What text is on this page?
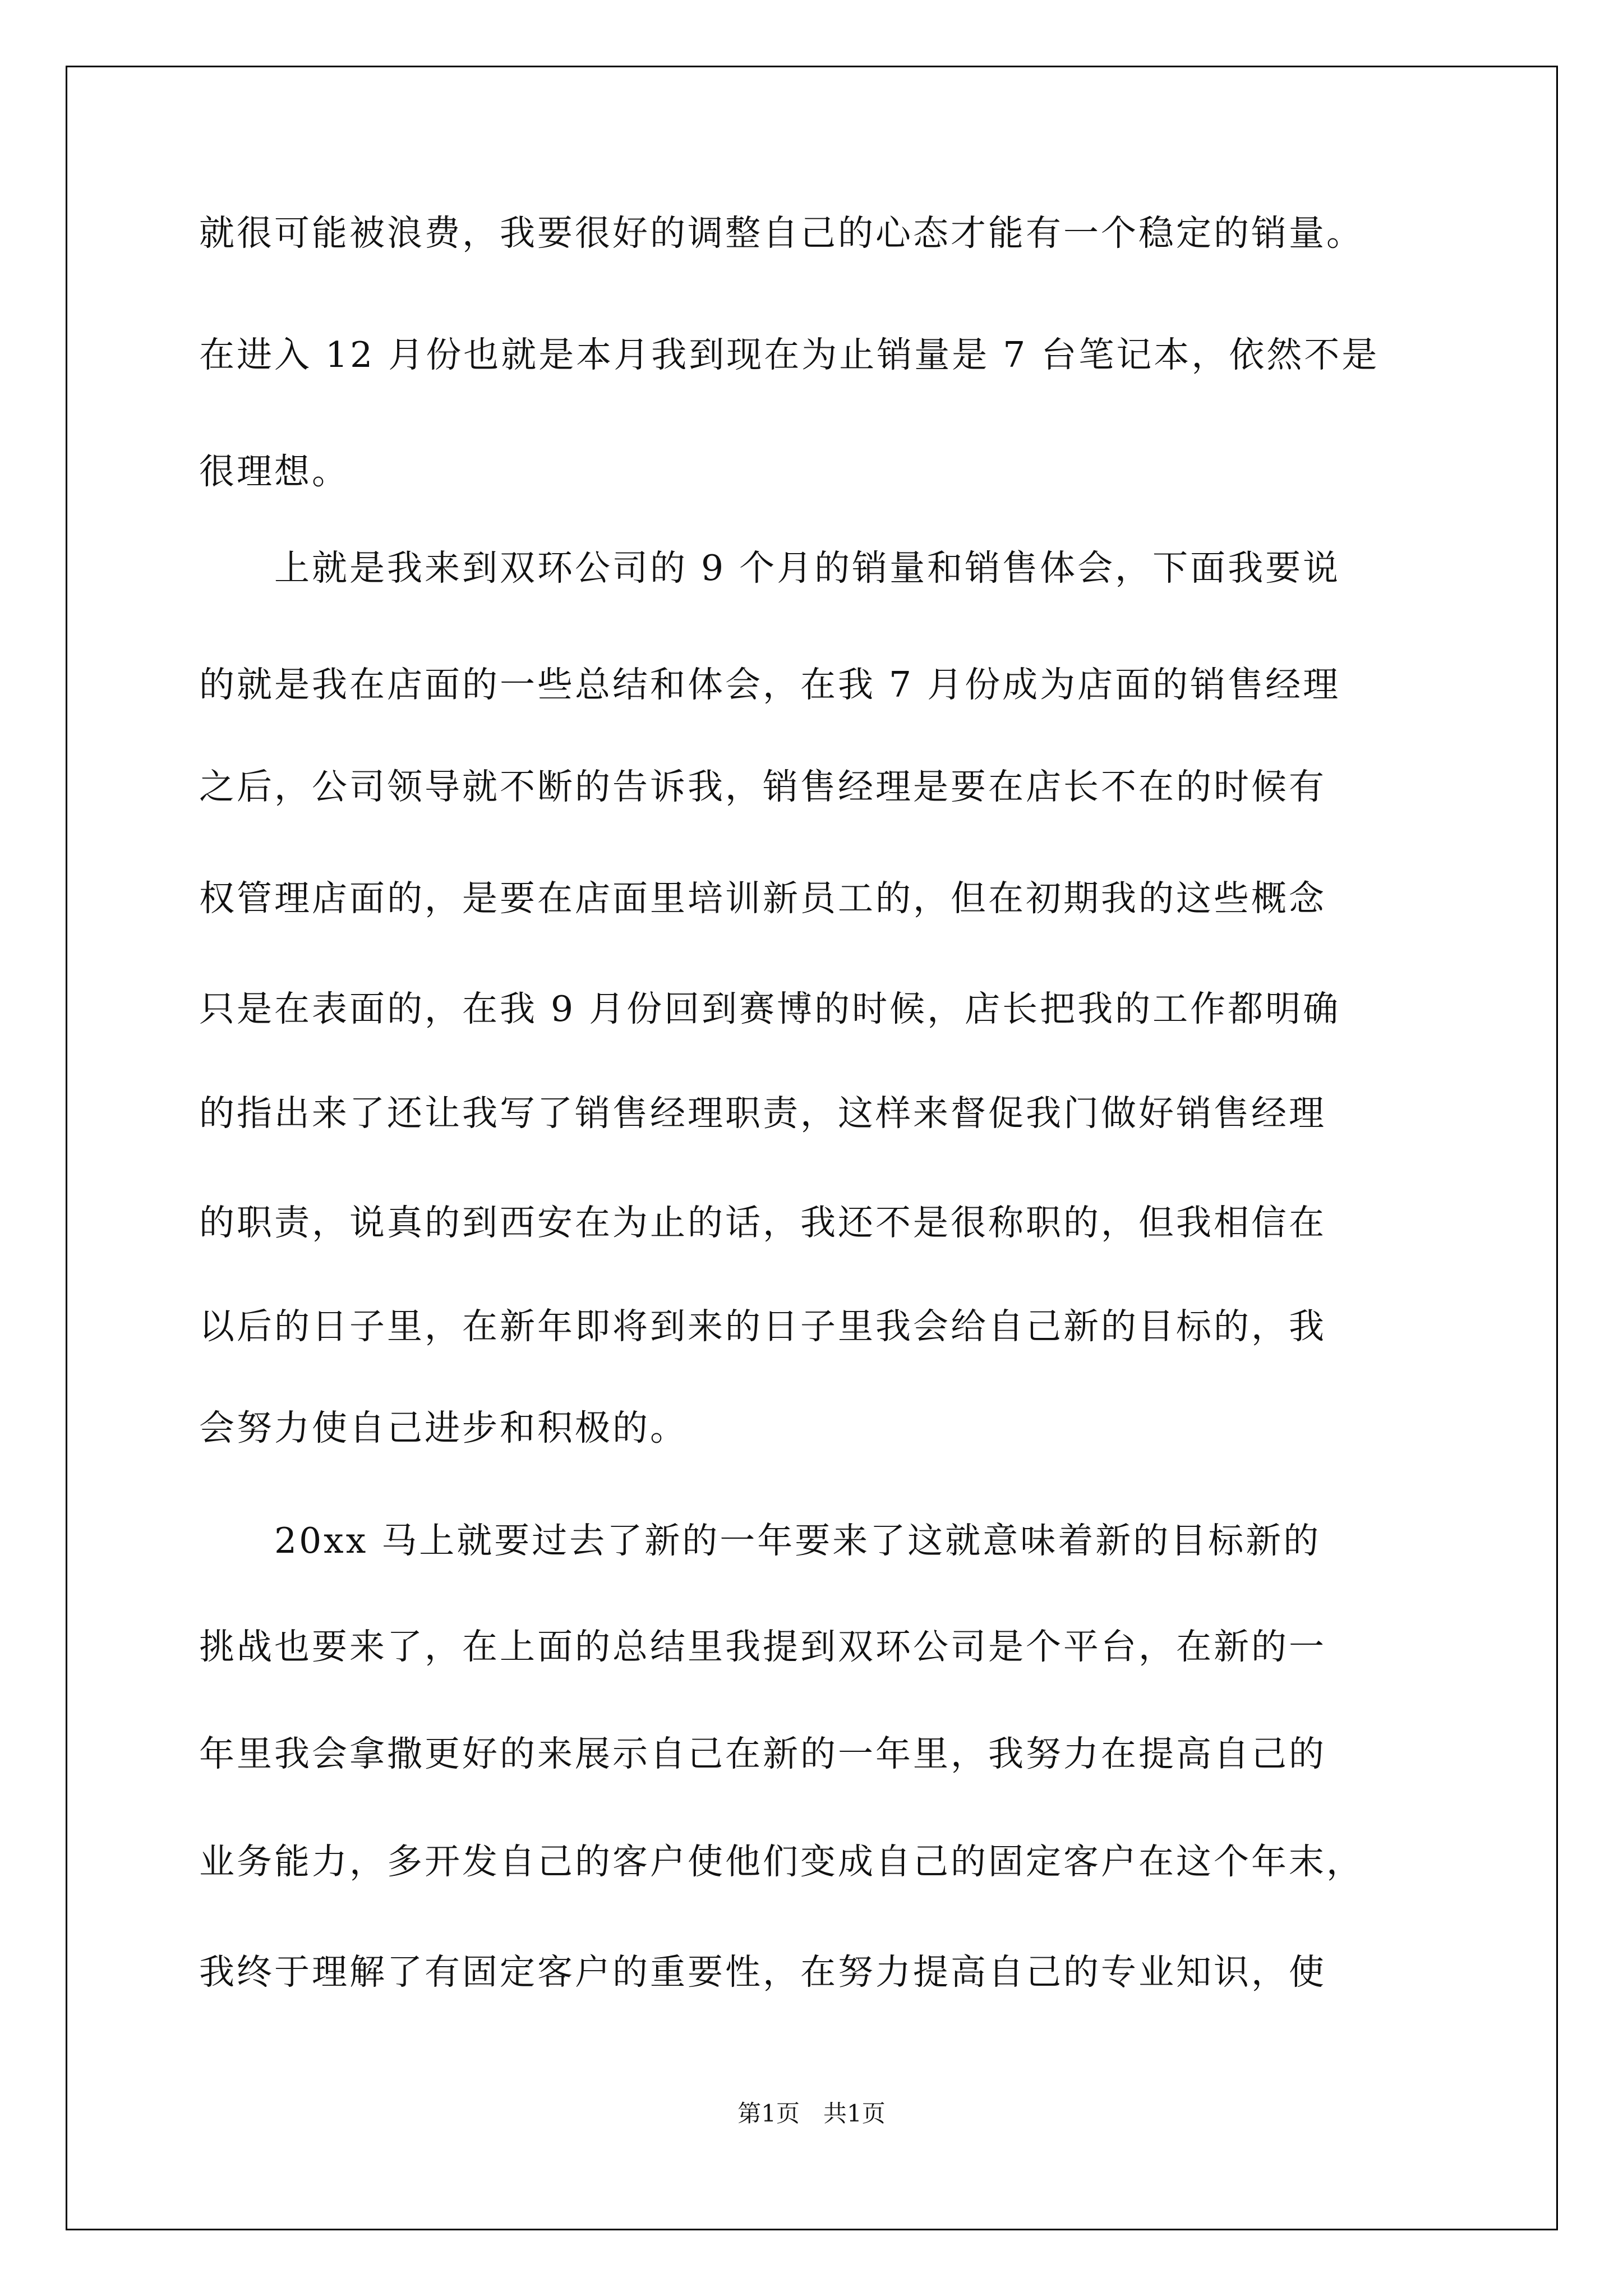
就很可能被浪费，我要很好的调整自己的心态才能有一个稳定的销量。
在进入 12 月份也就是本月我到现在为止销量是 7 台笔记本，依然不是
很理想。
　　上就是我来到双环公司的 9 个月的销量和销售体会，下面我要说
的就是我在店面的一些总结和体会，在我 7 月份成为店面的销售经理
之后，公司领导就不断的告诉我，销售经理是要在店长不在的时候有
权管理店面的，是要在店面里培训新员工的，但在初期我的这些概念
只是在表面的，在我 9 月份回到赛博的时候，店长把我的工作都明确
的指出来了还让我写了销售经理职责，这样来督促我门做好销售经理
的职责，说真的到西安在为止的话，我还不是很称职的，但我相信在
以后的日子里，在新年即将到来的日子里我会给自己新的目标的，我
会努力使自己进步和积极的。
　　20xx 马上就要过去了新的一年要来了这就意味着新的目标新的
挑战也要来了，在上面的总结里我提到双环公司是个平台，在新的一
年里我会拿撒更好的来展示自己在新的一年里，我努力在提高自己的
业务能力，多开发自己的客户使他们变成自己的固定客户在这个年末，
我终于理解了有固定客户的重要性，在努力提高自己的专业知识，使
第1页　共1页
